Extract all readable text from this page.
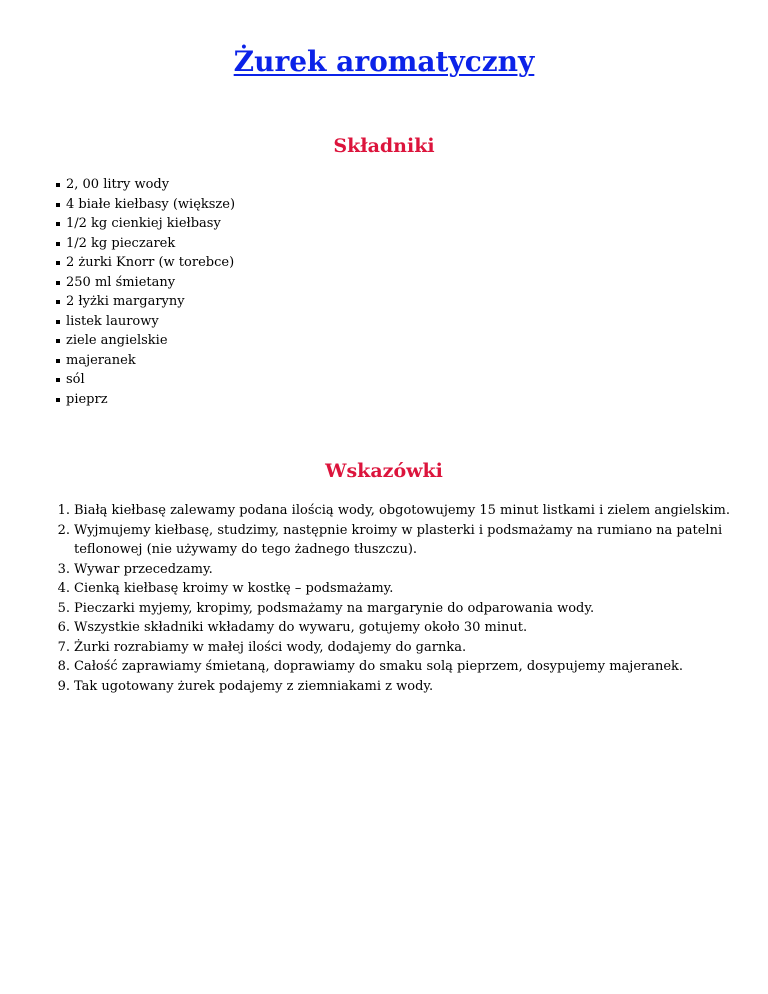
Żurek aromatyczny
Składniki
2, 00 litry wody
4 białe kiełbasy (większe)
1/2 kg cienkiej kiełbasy
1/2 kg pieczarek
2 żurki Knorr (w torebce)
250 ml śmietany
2 łyżki margaryny
listek laurowy
ziele angielskie
majeranek
sól
pieprz
Wskazówki
1. Białą kiełbasę zalewamy podana ilością wody, obgotowujemy 15 minut listkami i zielem angielskim.
2. Wyjmujemy kiełbasę, studzimy, następnie kroimy w plasterki i podsmażamy na rumiano na patelni teflonowej (nie używamy do tego żadnego tłuszczu).
3. Wywar przecedzamy.
4. Cienką kiełbasę kroimy w kostkę – podsmażamy.
5. Pieczarki myjemy, kropimy, podsmażamy na margarynie do odparowania wody.
6. Wszystkie składniki wkładamy do wywaru, gotujemy około 30 minut.
7. Żurki rozrabiamy w małej ilości wody, dodajemy do garnka.
8. Całość zaprawiamy śmietaną, doprawiamy do smaku solą pieprzem, dosypujemy majeranek.
9. Tak ugotowany żurek podajemy z ziemniakami z wody.
